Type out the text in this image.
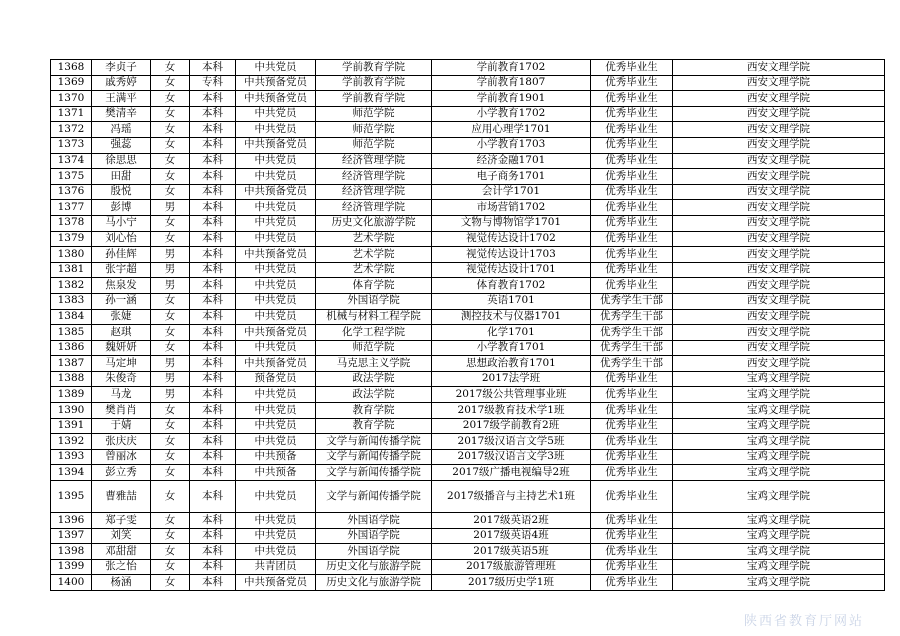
1368	李贞子	女	本科	中共党员	学前教育学院	学前教育1702	优秀毕业生	西安文理学院
1369	戚秀婷	女	专科	中共预备党员	学前教育学院	学前教育1807	优秀毕业生	西安文理学院
1370	王满平	女	本科	中共预备党员	学前教育学院	学前教育1901	优秀毕业生	西安文理学院
1371	樊清辛	女	本科	中共党员	师范学院	小学教育1702	优秀毕业生	西安文理学院
1372	冯瑶	女	本科	中共党员	师范学院	应用心理学1701	优秀毕业生	西安文理学院
1373	强蕊	女	本科	中共预备党员	师范学院	小学教育1703	优秀毕业生	西安文理学院
1374	徐思思	女	本科	中共党员	经济管理学院	经济金融1701	优秀毕业生	西安文理学院
1375	田甜	女	本科	中共党员	经济管理学院	电子商务1701	优秀毕业生	西安文理学院
1376	殷悦	女	本科	中共预备党员	经济管理学院	会计学1701	优秀毕业生	西安文理学院
1377	彭博	男	本科	中共党员	经济管理学院	市场营销1702	优秀毕业生	西安文理学院
1378	马小宁	女	本科	中共党员	历史文化旅游学院	文物与博物馆学1701	优秀毕业生	西安文理学院
1379	刘心怡	女	本科	中共党员	艺术学院	视觉传达设计1702	优秀毕业生	西安文理学院
1380	孙佳辉	男	本科	中共预备党员	艺术学院	视觉传达设计1703	优秀毕业生	西安文理学院
1381	张宇超	男	本科	中共党员	艺术学院	视觉传达设计1701	优秀毕业生	西安文理学院
1382	焦泉发	男	本科	中共党员	体育学院	体育教育1702	优秀毕业生	西安文理学院
1383	孙一涵	女	本科	中共党员	外国语学院	英语1701	优秀学生干部	西安文理学院
1384	张婕	女	本科	中共党员	机械与材料工程学院	测控技术与仪器1701	优秀学生干部	西安文理学院
1385	赵琪	女	本科	中共预备党员	化学工程学院	化学1701	优秀学生干部	西安文理学院
1386	魏妍妍	女	本科	中共党员	师范学院	小学教育1701	优秀学生干部	西安文理学院
1387	马定坤	男	本科	中共预备党员	马克思主义学院	思想政治教育1701	优秀学生干部	西安文理学院
1388	朱俊奇	男	本科	预备党员	政法学院	2017法学班	优秀毕业生	宝鸡文理学院
1389	马龙	男	本科	中共党员	政法学院	2017级公共管理事业班	优秀毕业生	宝鸡文理学院
1390	樊肖肖	女	本科	中共党员	教育学院	2017级教育技术学1班	优秀毕业生	宝鸡文理学院
1391	于婧	女	本科	中共党员	教育学院	2017级学前教育2班	优秀毕业生	宝鸡文理学院
1392	张庆庆	女	本科	中共党员	文学与新闻传播学院	2017级汉语言文学5班	优秀毕业生	宝鸡文理学院
1393	曾丽冰	女	本科	中共预备	文学与新闻传播学院	2017级汉语言文学3班	优秀毕业生	宝鸡文理学院
1394	彭立秀	女	本科	中共预备	文学与新闻传播学院	2017级广播电视编导2班	优秀毕业生	宝鸡文理学院
1395	曹雅喆	女	本科	中共党员	文学与新闻传播学院	2017级播音与主持艺术1班	优秀毕业生	宝鸡文理学院
1396	郑子雯	女	本科	中共党员	外国语学院	2017级英语2班	优秀毕业生	宝鸡文理学院
1397	刘笑	女	本科	中共党员	外国语学院	2017级英语4班	优秀毕业生	宝鸡文理学院
1398	邓甜甜	女	本科	中共党员	外国语学院	2017级英语5班	优秀毕业生	宝鸡文理学院
1399	张之怡	女	本科	共青团员	历史文化与旅游学院	2017级旅游管理班	优秀毕业生	宝鸡文理学院
1400	杨涵	女	本科	中共预备党员	历史文化与旅游学院	2017级历史学1班	优秀毕业生	宝鸡文理学院
陕西省教育厅网站
